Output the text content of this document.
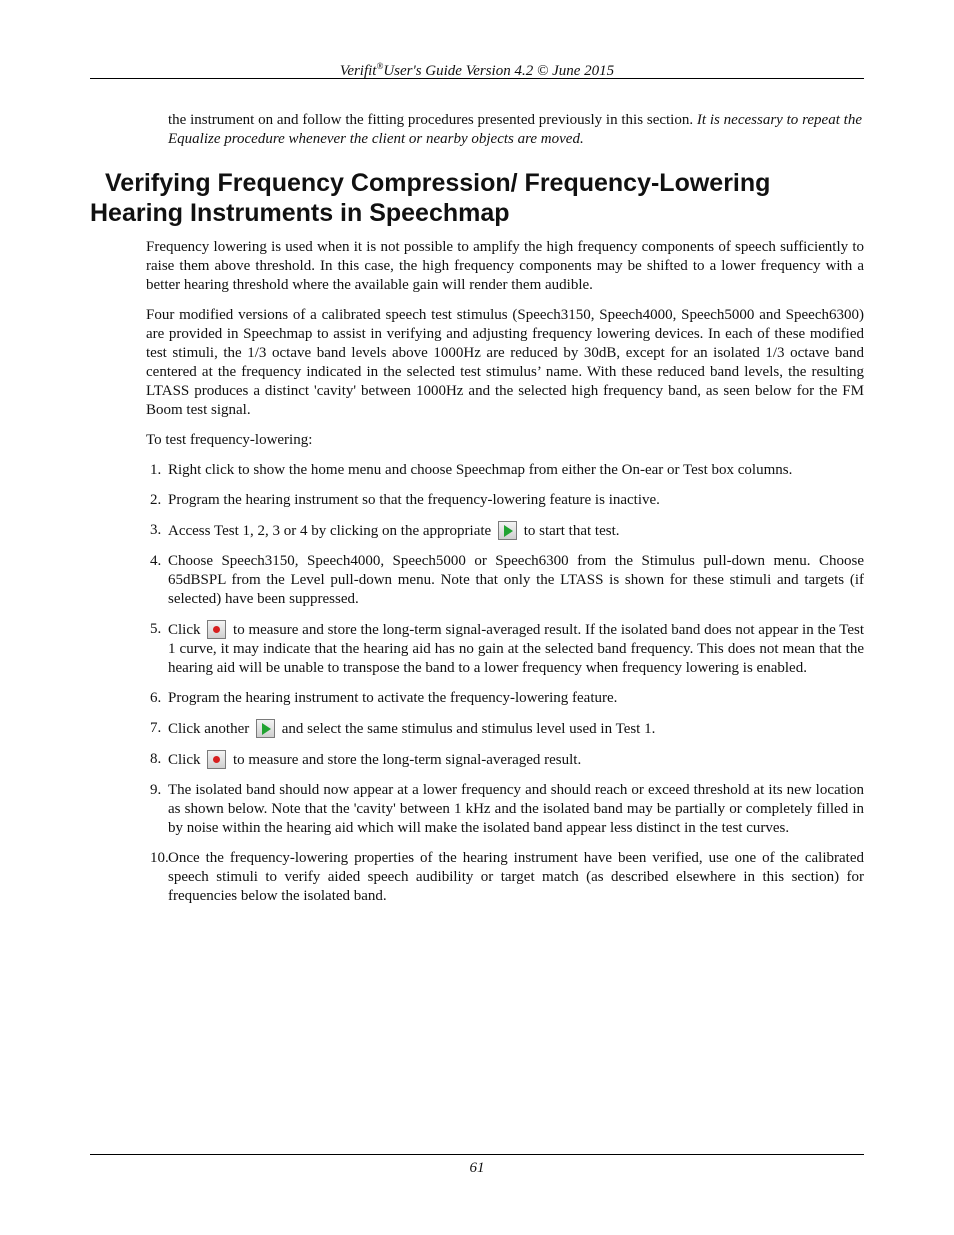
Verifit®User's Guide Version 4.2 © June 2015

the instrument on and follow the fitting procedures presented previously in this section. It is necessary to repeat the Equalize procedure whenever the client or nearby objects are moved.

Verifying Frequency Compression/ Frequency-Lowering
Hearing Instruments in Speechmap

Frequency lowering is used when it is not possible to amplify the high frequency components of speech sufficiently to raise them above threshold. In this case, the high frequency components may be shifted to a lower frequency with a better hearing threshold where the available gain will render them audible.

Four modified versions of a calibrated speech test stimulus (Speech3150, Speech4000, Speech5000 and Speech6300) are provided in Speechmap to assist in verifying and adjusting frequency lowering devices. In each of these modified test stimuli, the 1/3 octave band levels above 1000Hz are reduced by 30dB, except for an isolated 1/3 octave band centered at the frequency indicated in the selected test stimulus’ name. With these reduced band levels, the resulting LTASS produces a distinct 'cavity' between 1000Hz and the selected high frequency band, as seen below for the FM Boom test signal.

To test frequency-lowering:

1. Right click to show the home menu and choose Speechmap from either the On-ear or Test box columns.
2. Program the hearing instrument so that the frequency-lowering feature is inactive.
3. Access Test 1, 2, 3 or 4 by clicking on the appropriate to start that test.
4. Choose Speech3150, Speech4000, Speech5000 or Speech6300 from the Stimulus pull-down menu. Choose 65dBSPL from the Level pull-down menu. Note that only the LTASS is shown for these stimuli and targets (if selected) have been suppressed.
5. Click to measure and store the long-term signal-averaged result. If the isolated band does not appear in the Test 1 curve, it may indicate that the hearing aid has no gain at the selected band frequency. This does not mean that the hearing aid will be unable to transpose the band to a lower frequency when frequency lowering is enabled.
6. Program the hearing instrument to activate the frequency-lowering feature.
7. Click another and select the same stimulus and stimulus level used in Test 1.
8. Click to measure and store the long-term signal-averaged result.
9. The isolated band should now appear at a lower frequency and should reach or exceed threshold at its new location as shown below. Note that the 'cavity' between 1 kHz and the isolated band may be partially or completely filled in by noise within the hearing aid which will make the isolated band appear less distinct in the test curves.
10. Once the frequency-lowering properties of the hearing instrument have been verified, use one of the calibrated speech stimuli to verify aided speech audibility or target match (as described elsewhere in this section) for frequencies below the isolated band.
61
